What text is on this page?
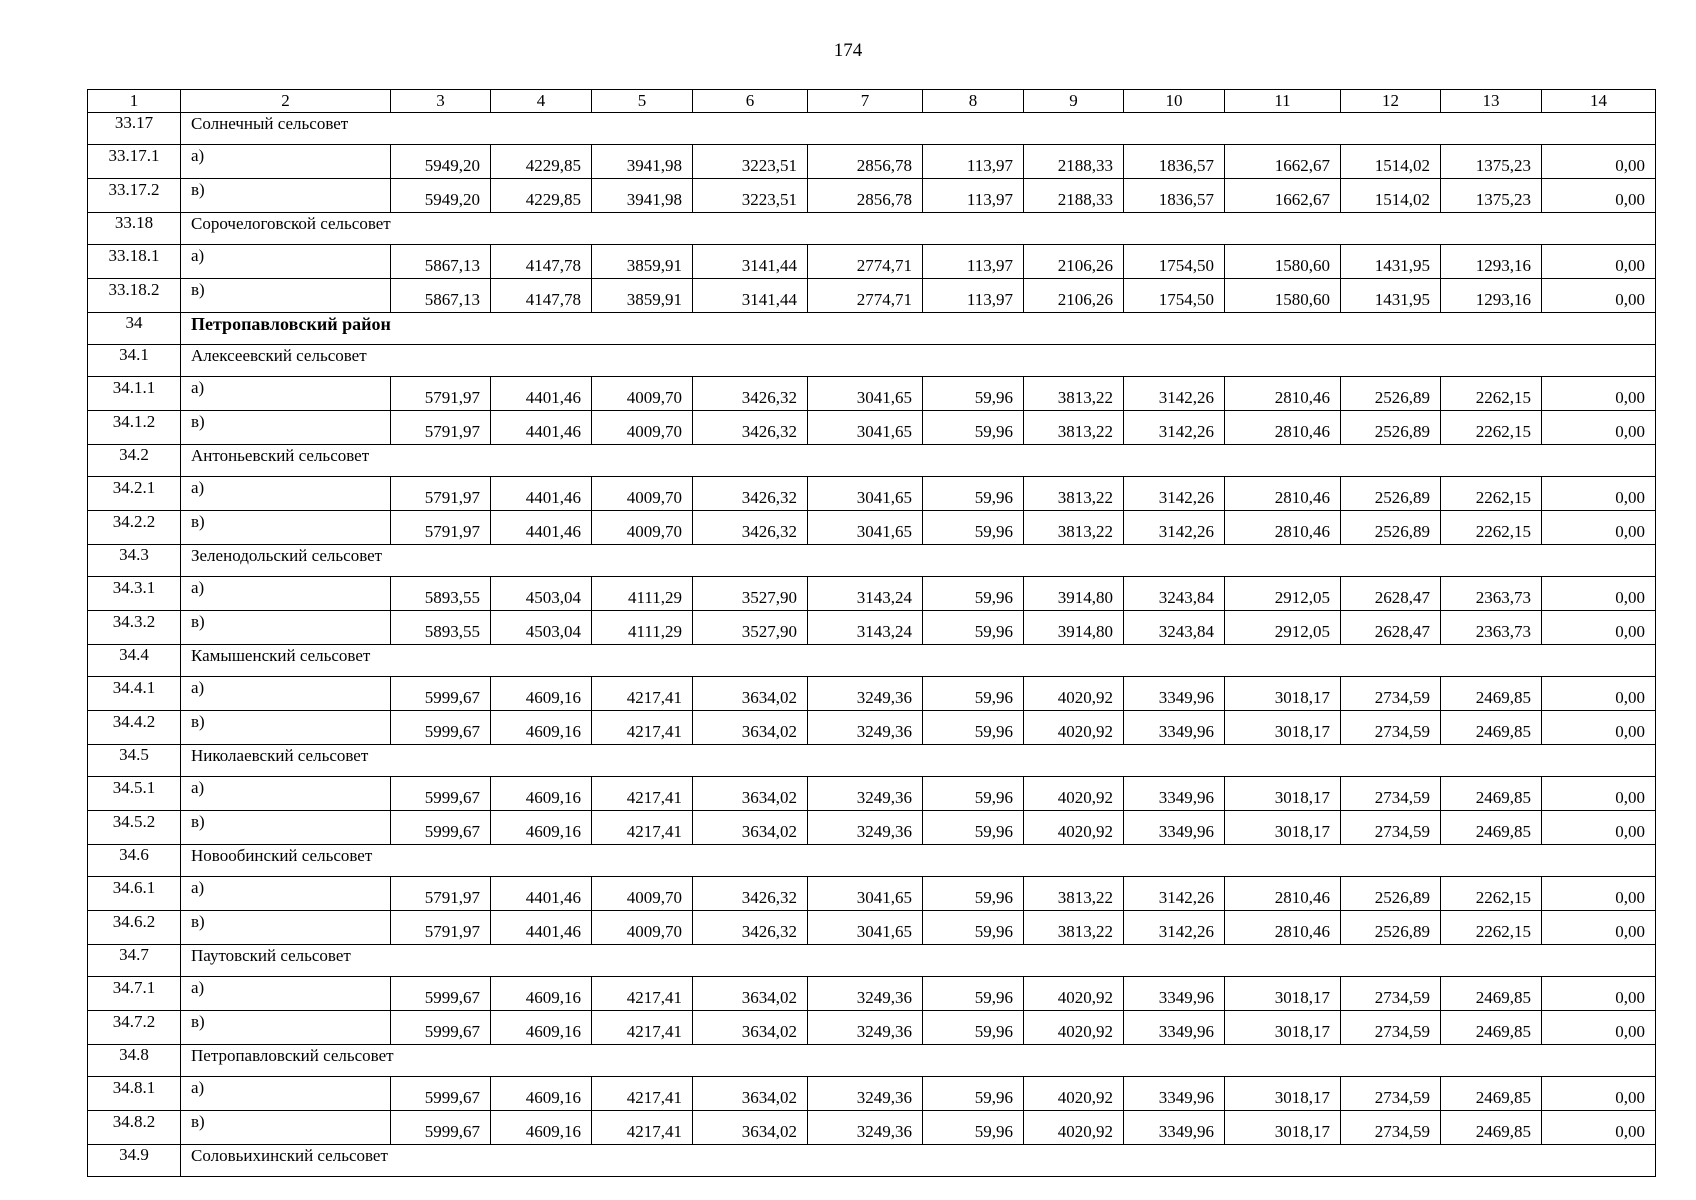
174
1	2	3	4	5	6	7	8	9	10	11	12	13	14
33.17	Солнечный сельсовет												
33.17.1	а)	5949,20	4229,85	3941,98	3223,51	2856,78	113,97	2188,33	1836,57	1662,67	1514,02	1375,23	0,00
33.17.2	в)	5949,20	4229,85	3941,98	3223,51	2856,78	113,97	2188,33	1836,57	1662,67	1514,02	1375,23	0,00
33.18	Сорочелоговской сельсовет												
33.18.1	а)	5867,13	4147,78	3859,91	3141,44	2774,71	113,97	2106,26	1754,50	1580,60	1431,95	1293,16	0,00
33.18.2	в)	5867,13	4147,78	3859,91	3141,44	2774,71	113,97	2106,26	1754,50	1580,60	1431,95	1293,16	0,00
34	Петропавловский район												
34.1	Алексеевский сельсовет												
34.1.1	а)	5791,97	4401,46	4009,70	3426,32	3041,65	59,96	3813,22	3142,26	2810,46	2526,89	2262,15	0,00
34.1.2	в)	5791,97	4401,46	4009,70	3426,32	3041,65	59,96	3813,22	3142,26	2810,46	2526,89	2262,15	0,00
34.2	Антоньевский сельсовет												
34.2.1	а)	5791,97	4401,46	4009,70	3426,32	3041,65	59,96	3813,22	3142,26	2810,46	2526,89	2262,15	0,00
34.2.2	в)	5791,97	4401,46	4009,70	3426,32	3041,65	59,96	3813,22	3142,26	2810,46	2526,89	2262,15	0,00
34.3	Зеленодольский сельсовет												
34.3.1	а)	5893,55	4503,04	4111,29	3527,90	3143,24	59,96	3914,80	3243,84	2912,05	2628,47	2363,73	0,00
34.3.2	в)	5893,55	4503,04	4111,29	3527,90	3143,24	59,96	3914,80	3243,84	2912,05	2628,47	2363,73	0,00
34.4	Камышенский сельсовет												
34.4.1	а)	5999,67	4609,16	4217,41	3634,02	3249,36	59,96	4020,92	3349,96	3018,17	2734,59	2469,85	0,00
34.4.2	в)	5999,67	4609,16	4217,41	3634,02	3249,36	59,96	4020,92	3349,96	3018,17	2734,59	2469,85	0,00
34.5	Николаевский сельсовет												
34.5.1	а)	5999,67	4609,16	4217,41	3634,02	3249,36	59,96	4020,92	3349,96	3018,17	2734,59	2469,85	0,00
34.5.2	в)	5999,67	4609,16	4217,41	3634,02	3249,36	59,96	4020,92	3349,96	3018,17	2734,59	2469,85	0,00
34.6	Новообинский сельсовет												
34.6.1	а)	5791,97	4401,46	4009,70	3426,32	3041,65	59,96	3813,22	3142,26	2810,46	2526,89	2262,15	0,00
34.6.2	в)	5791,97	4401,46	4009,70	3426,32	3041,65	59,96	3813,22	3142,26	2810,46	2526,89	2262,15	0,00
34.7	Паутовский сельсовет												
34.7.1	а)	5999,67	4609,16	4217,41	3634,02	3249,36	59,96	4020,92	3349,96	3018,17	2734,59	2469,85	0,00
34.7.2	в)	5999,67	4609,16	4217,41	3634,02	3249,36	59,96	4020,92	3349,96	3018,17	2734,59	2469,85	0,00
34.8	Петропавловский сельсовет												
34.8.1	а)	5999,67	4609,16	4217,41	3634,02	3249,36	59,96	4020,92	3349,96	3018,17	2734,59	2469,85	0,00
34.8.2	в)	5999,67	4609,16	4217,41	3634,02	3249,36	59,96	4020,92	3349,96	3018,17	2734,59	2469,85	0,00
34.9	Соловьихинский сельсовет												
